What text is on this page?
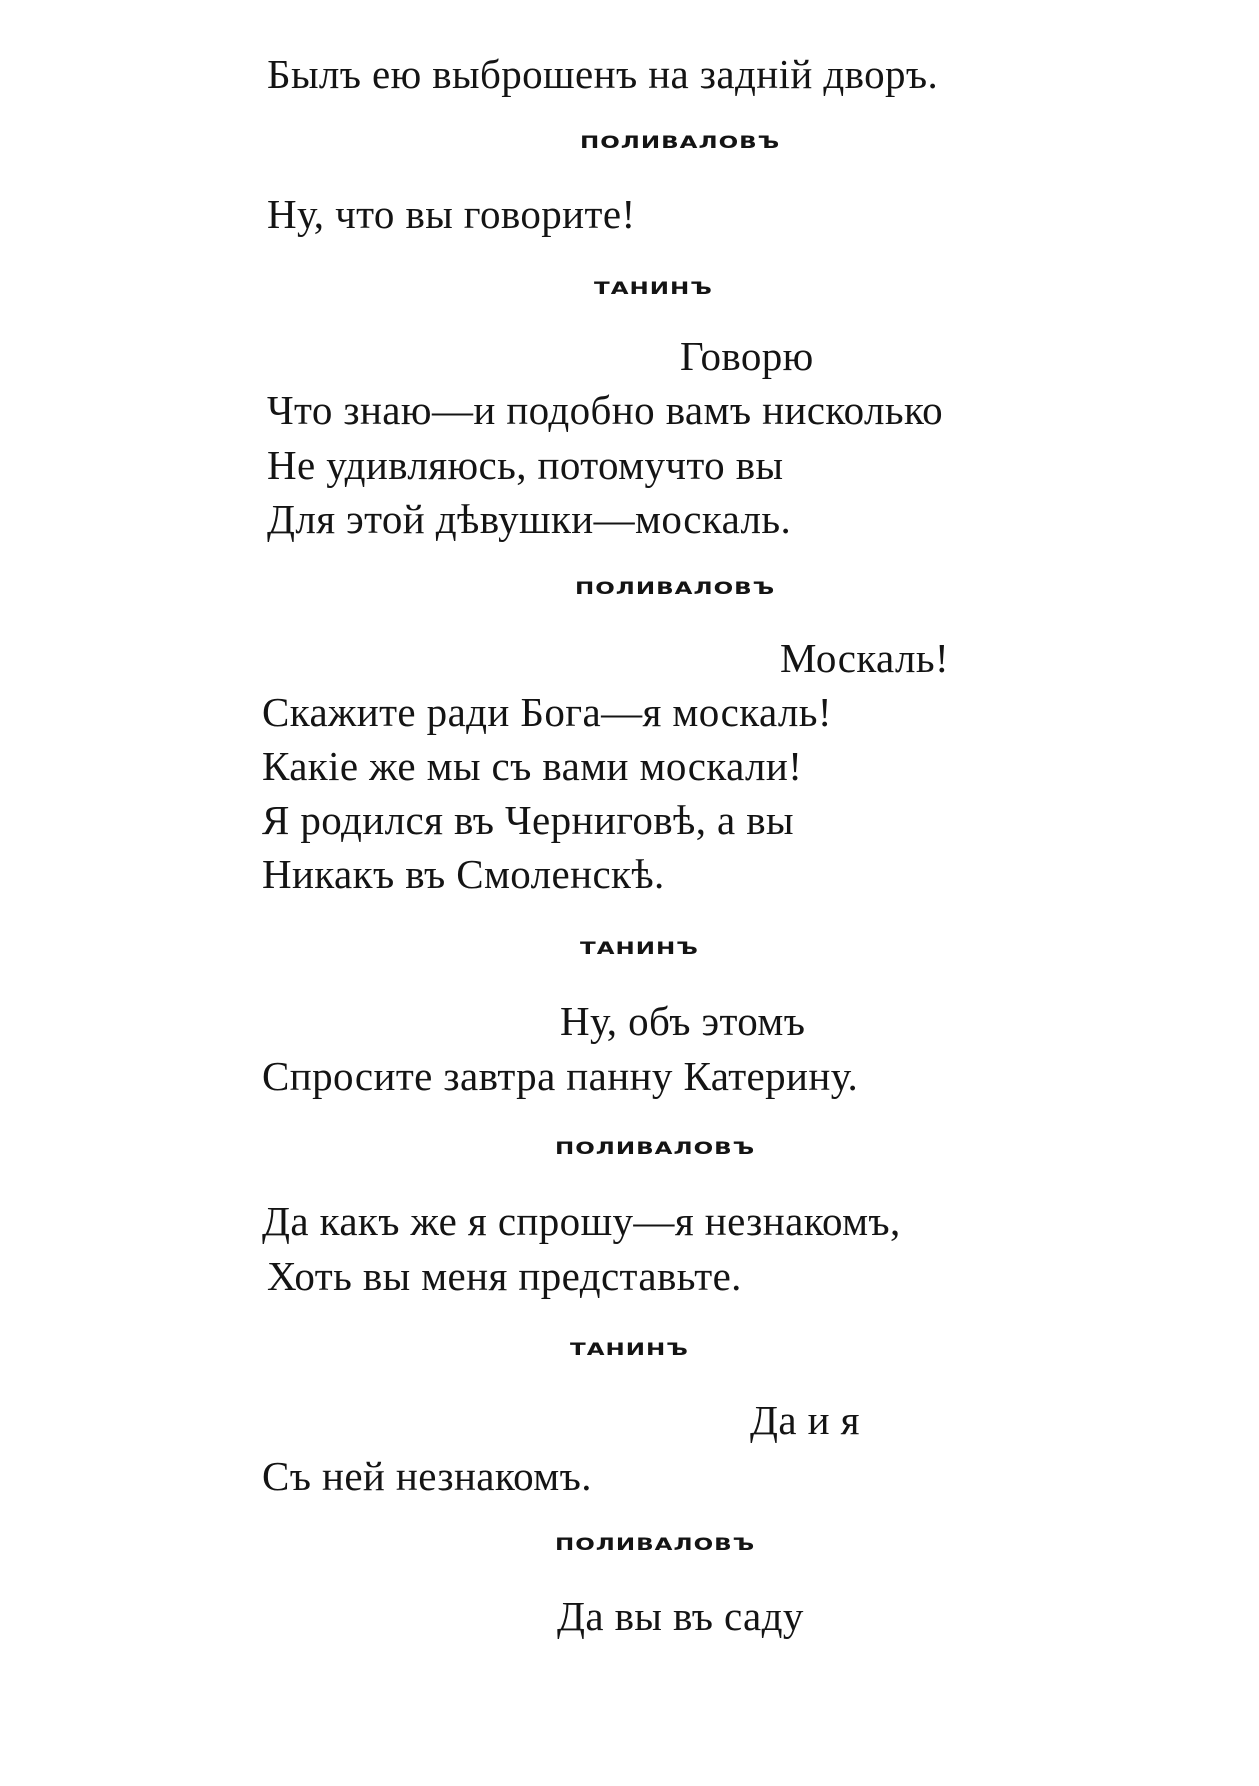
Былъ ею выброшенъ на заднiй дворъ.
ПОЛИВАЛОВЪ
Ну, что вы говорите!
ТАНИНЪ
Говорю
Что знаю—и подобно вамъ нисколько
Не удивляюсь, потомучто вы
Для этой дѣвушки—москаль.
ПОЛИВАЛОВЪ
Москаль!
Скажите ради Бога—я москаль!
Какiе же мы съ вами москали!
Я родился въ Черниговѣ, а вы
Никакъ въ Смоленскѣ.
ТАНИНЪ
Ну, объ этомъ
Спросите завтра панну Катерину.
ПОЛИВАЛОВЪ
Да какъ же я спрошу—я незнакомъ,
Хоть вы меня представьте.
ТАНИНЪ
Да и я
Съ ней незнакомъ.
ПОЛИВАЛОВЪ
Да вы въ саду
